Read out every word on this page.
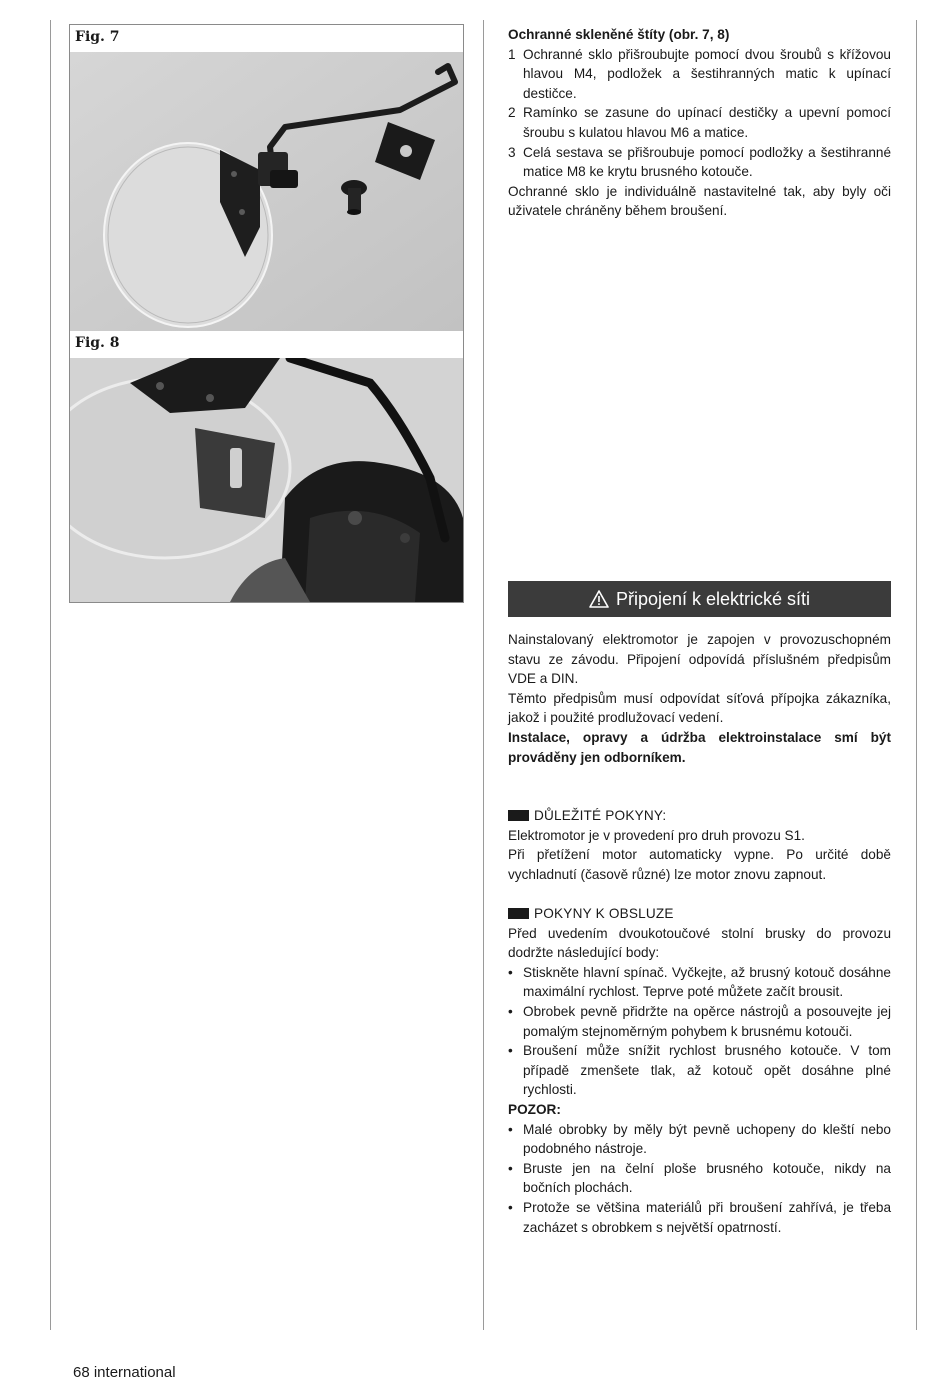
Fig. 7
Fig. 8

Ochranné skleněné štíty (obr. 7, 8)

1 Ochranné sklo přišroubujte pomocí dvou šroubů s křížovou hlavou M4, podložek a šestihranných matic k upínací destičce.
2 Ramínko se zasune do upínací destičky a upevní pomocí šroubu s kulatou hlavou M6 a matice.
3 Celá sestava se přišroubuje pomocí podložky a šestihranné matice M8 ke krytu brusného kotouče.

Ochranné sklo je individuálně nastavitelné tak, aby byly oči uživatele chráněny během broušení.

Připojení k elektrické síti

Nainstalovaný elektromotor je zapojen v provozuschopném stavu ze závodu. Připojení odpovídá příslušném předpisům VDE a DIN.

Těmto předpisům musí odpovídat síťová přípojka zákazníka, jakož i použité prodlužovací vedení.

Instalace, opravy a údržba elektroinstalace smí být prováděny jen odborníkem.

DŮLEŽITÉ POKYNY:

Elektromotor je v provedení pro druh provozu S1.

Při přetížení motor automaticky vypne. Po určité době vychladnutí (časově různé) lze motor znovu zapnout.

POKYNY K OBSLUZE

Před uvedením dvoukotoučové stolní brusky do provozu dodržte následující body:

• Stiskněte hlavní spínač. Vyčkejte, až brusný kotouč dosáhne maximální rychlost. Teprve poté můžete začít brousit.
• Obrobek pevně přidržte na opěrce nástrojů a posouvejte jej pomalým stejnoměrným pohybem k brusnému kotouči.
• Broušení může snížit rychlost brusného kotouče. V tom případě zmenšete tlak, až kotouč opět dosáhne plné rychlosti.

POZOR:

• Malé obrobky by měly být pevně uchopeny do kleští nebo podobného nástroje.
• Bruste jen na čelní ploše brusného kotouče, nikdy na bočních plochách.
• Protože se většina materiálů při broušení zahřívá, je třeba zacházet s obrobkem s největší opatrností.
68 international
